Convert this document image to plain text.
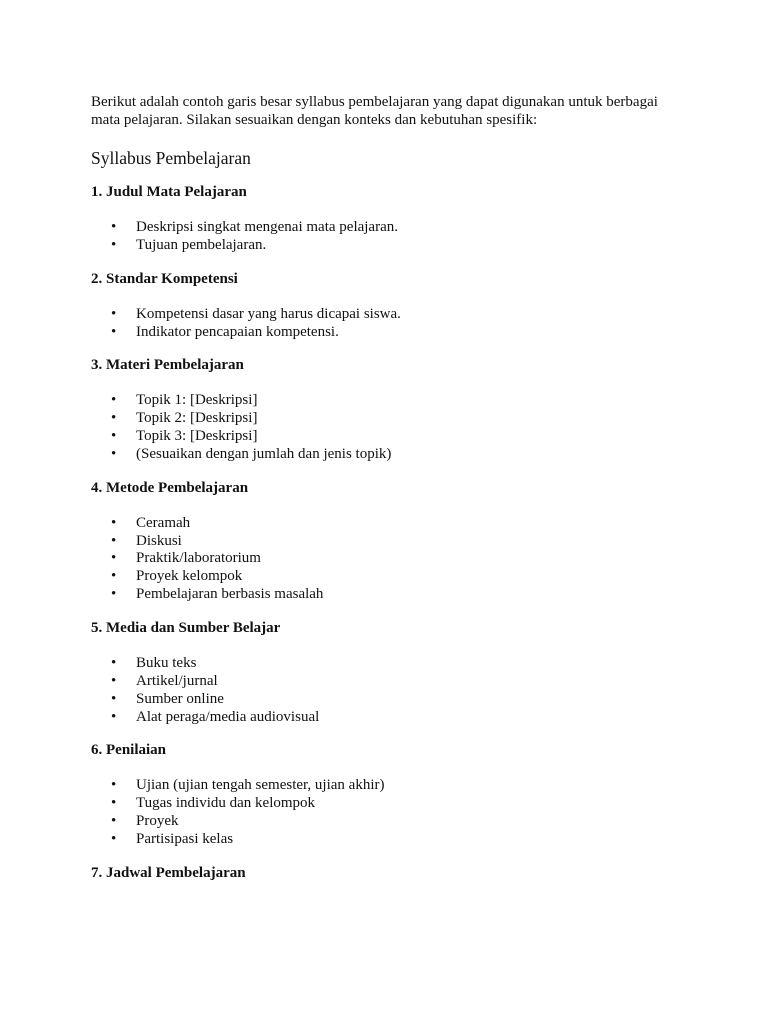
Berikut adalah contoh garis besar syllabus pembelajaran yang dapat digunakan untuk berbagai mata pelajaran. Silakan sesuaikan dengan konteks dan kebutuhan spesifik:

Syllabus Pembelajaran
1. Judul Mata Pelajaran
• Deskripsi singkat mengenai mata pelajaran.
• Tujuan pembelajaran.
2. Standar Kompetensi
• Kompetensi dasar yang harus dicapai siswa.
• Indikator pencapaian kompetensi.
3. Materi Pembelajaran
• Topik 1: [Deskripsi]
• Topik 2: [Deskripsi]
• Topik 3: [Deskripsi]
• (Sesuaikan dengan jumlah dan jenis topik)
4. Metode Pembelajaran
• Ceramah
• Diskusi
• Praktik/laboratorium
• Proyek kelompok
• Pembelajaran berbasis masalah
5. Media dan Sumber Belajar
• Buku teks
• Artikel/jurnal
• Sumber online
• Alat peraga/media audiovisual
6. Penilaian
• Ujian (ujian tengah semester, ujian akhir)
• Tugas individu dan kelompok
• Proyek
• Partisipasi kelas
7. Jadwal Pembelajaran
